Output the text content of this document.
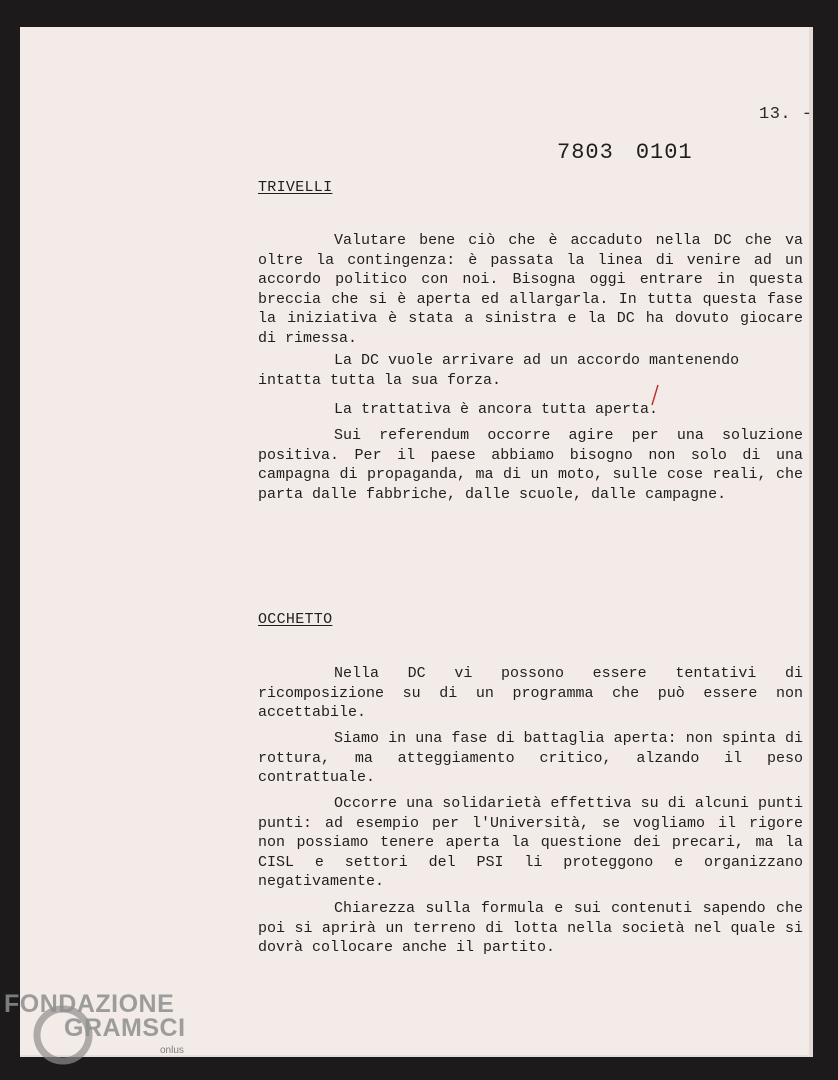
13. -
7803 0101
TRIVELLI

Valutare bene ciò che è accaduto nella DC che va oltre la contingenza: è passata la linea di venire ad un accordo politico con noi. Bisogna oggi entrare in questa breccia che si è aperta ed allargarla. In tutta questa fase la iniziativa è stata a sinistra e la DC ha dovuto giocare di rimessa.

La DC vuole arrivare ad un accordo mantenendo intatta tutta la sua forza.

La trattativa è ancora tutta aperta.

Sui referendum occorre agire per una soluzione positiva. Per il paese abbiamo bisogno non solo di una campagna di propaganda, ma di un moto, sulle cose reali, che parta dalle fabbriche, dalle scuole, dalle campagne.

OCCHETTO

Nella DC vi possono essere tentativi di ricomposizione su di un programma che può essere non accettabile.

Siamo in una fase di battaglia aperta: non spinta di rottura, ma atteggiamento critico, alzando il peso contrattuale.

Occorre una solidarietà effettiva su di alcuni punti punti: ad esempio per l'Università, se vogliamo il rigore non possiamo tenere aperta la questione dei precari, ma la CISL e settori del PSI li proteggono e organizzano negativamente.

Chiarezza sulla formula e sui contenuti sapendo che poi si aprirà un terreno di lotta nella società nel quale si dovrà collocare anche il partito.

FONDAZIONE
GRAMSCI
onlus
